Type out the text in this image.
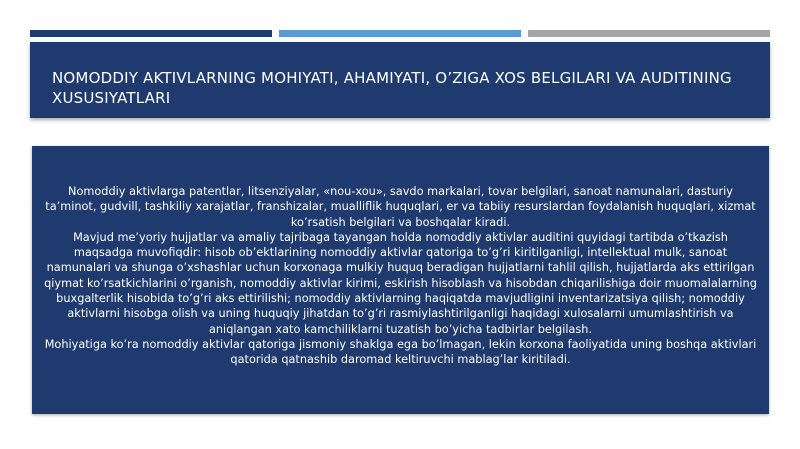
NOMODDIY AKTIVLARNING MOHIYATI, AHAMIYATI, O’ZIGA XOS BELGILARI VA AUDITINING XUSUSIYATLARI

Nomoddiy aktivlarga patentlar, litsenziyalar, «nou-xou», savdo markalari, tovar belgilari, sanoat namunalari, dasturiy ta’minot, gudvill, tashkiliy xarajatlar, franshizalar, mualliflik huquqlari, er va tabiiy resurslardan foydalanish huquqlari, xizmat ko’rsatish belgilari va boshqalar kiradi.

Mavjud me’yoriy hujjatlar va amaliy tajribaga tayangan holda nomoddiy aktivlar auditini quyidagi tartibda o’tkazish maqsadga muvofiqdir: hisob ob’ektlarining nomoddiy aktivlar qatoriga to’g’ri kiritilganligi, intellektual mulk, sanoat namunalari va shunga o’xshashlar uchun korxonaga mulkiy huquq beradigan hujjatlarni tahlil qilish, hujjatlarda aks ettirilgan qiymat ko’rsatkichlarini o’rganish, nomoddiy aktivlar kirimi, eskirish hisoblash va hisobdan chiqarilishiga doir muomalalarning buxgalterlik hisobida to’g’ri aks ettirilishi; nomoddiy aktivlarning haqiqatda mavjudligini inventarizatsiya qilish; nomoddiy aktivlarni hisobga olish va uning huquqiy jihatdan to’g’ri rasmiylashtirilganligi haqidagi xulosalarni umumlashtirish va aniqlangan xato kamchiliklarni tuzatish bo’yicha tadbirlar belgilash.

Mohiyatiga ko’ra nomoddiy aktivlar qatoriga jismoniy shaklga ega bo’lmagan, lekin korxona faoliyatida uning boshqa aktivlari qatorida qatnashib daromad keltiruvchi mablag’lar kiritiladi.
